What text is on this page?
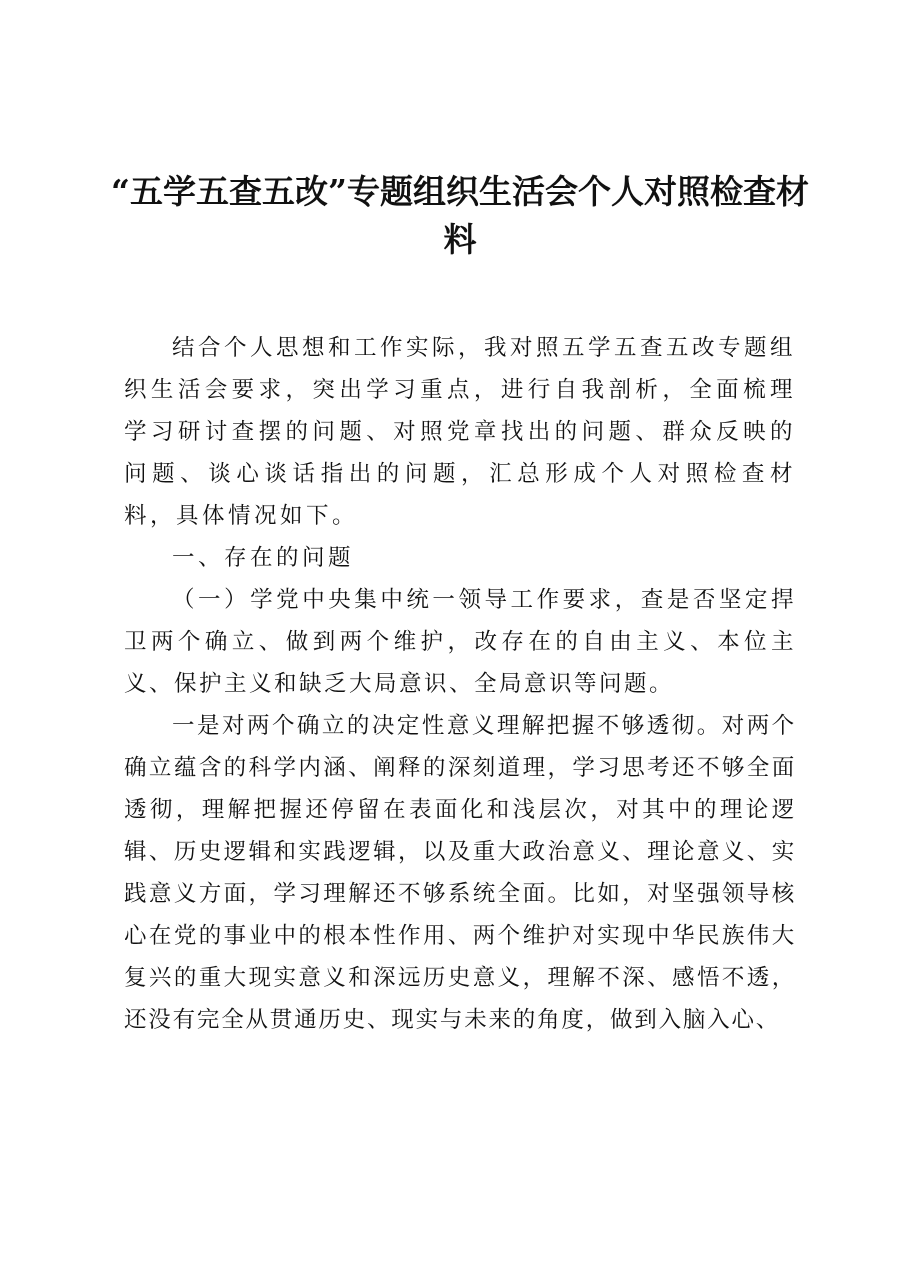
“五学五查五改”专题组织生活会个人对照检查材料

结合个人思想和工作实际，我对照五学五查五改专题组织生活会要求，突出学习重点，进行自我剖析，全面梳理学习研讨查摆的问题、对照党章找出的问题、群众反映的问题、谈心谈话指出的问题，汇总形成个人对照检查材料，具体情况如下。

一、存在的问题

（一）学党中央集中统一领导工作要求，查是否坚定捍卫两个确立、做到两个维护，改存在的自由主义、本位主义、保护主义和缺乏大局意识、全局意识等问题。

一是对两个确立的决定性意义理解把握不够透彻。对两个确立蕴含的科学内涵、阐释的深刻道理，学习思考还不够全面透彻，理解把握还停留在表面化和浅层次，对其中的理论逻辑、历史逻辑和实践逻辑，以及重大政治意义、理论意义、实践意义方面，学习理解还不够系统全面。比如，对坚强领导核心在党的事业中的根本性作用、两个维护对实现中华民族伟大复兴的重大现实意义和深远历史意义，理解不深、感悟不透，还没有完全从贯通历史、现实与未来的角度，做到入脑入心、
